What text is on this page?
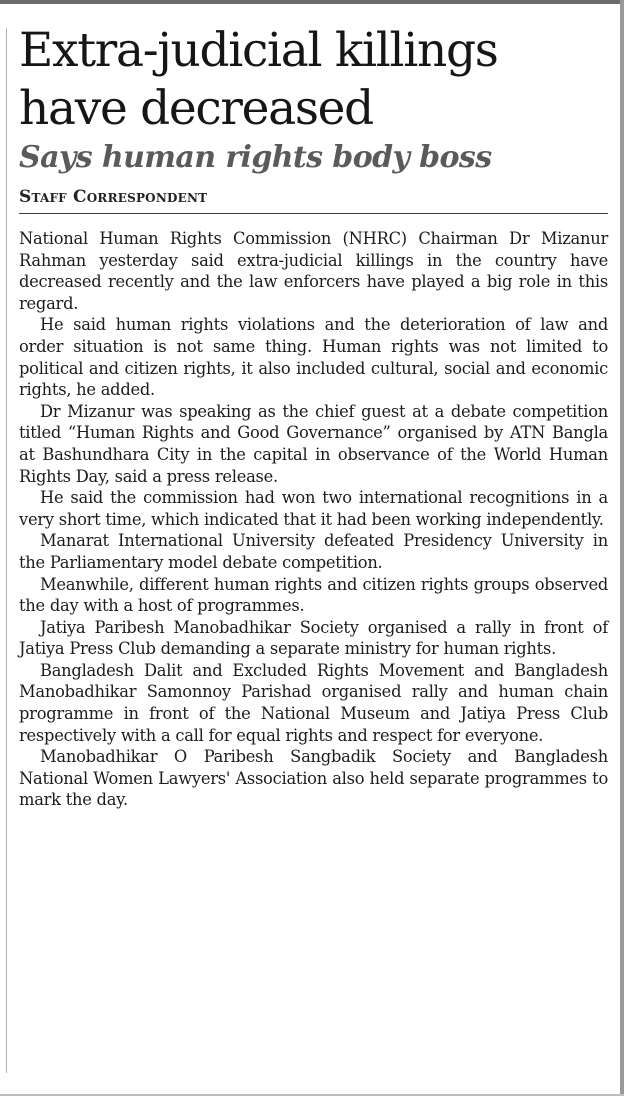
Extra-judicial killings have decreased
Says human rights body boss
Staff Correspondent

National Human Rights Commission (NHRC) Chairman Dr Mizanur Rahman yesterday said extra-judicial killings in the country have decreased recently and the law enforcers have played a big role in this regard.

He said human rights violations and the deterioration of law and order situation is not same thing. Human rights was not limited to political and citizen rights, it also included cultural, social and economic rights, he added.

Dr Mizanur was speaking as the chief guest at a debate competition titled “Human Rights and Good Governance” organised by ATN Bangla at Bashundhara City in the capital in observance of the World Human Rights Day, said a press release.

He said the commission had won two international recognitions in a very short time, which indicated that it had been working independently.

Manarat International University defeated Presidency University in the Parliamentary model debate competition.

Meanwhile, different human rights and citizen rights groups observed the day with a host of programmes.

Jatiya Paribesh Manobadhikar Society organised a rally in front of Jatiya Press Club demanding a separate ministry for human rights.

Bangladesh Dalit and Excluded Rights Movement and Bangladesh Manobadhikar Samonnoy Parishad organised rally and human chain programme in front of the National Museum and Jatiya Press Club respectively with a call for equal rights and respect for everyone.

Manobadhikar O Paribesh Sangbadik Society and Bangladesh National Women Lawyers' Association also held separate programmes to mark the day.
